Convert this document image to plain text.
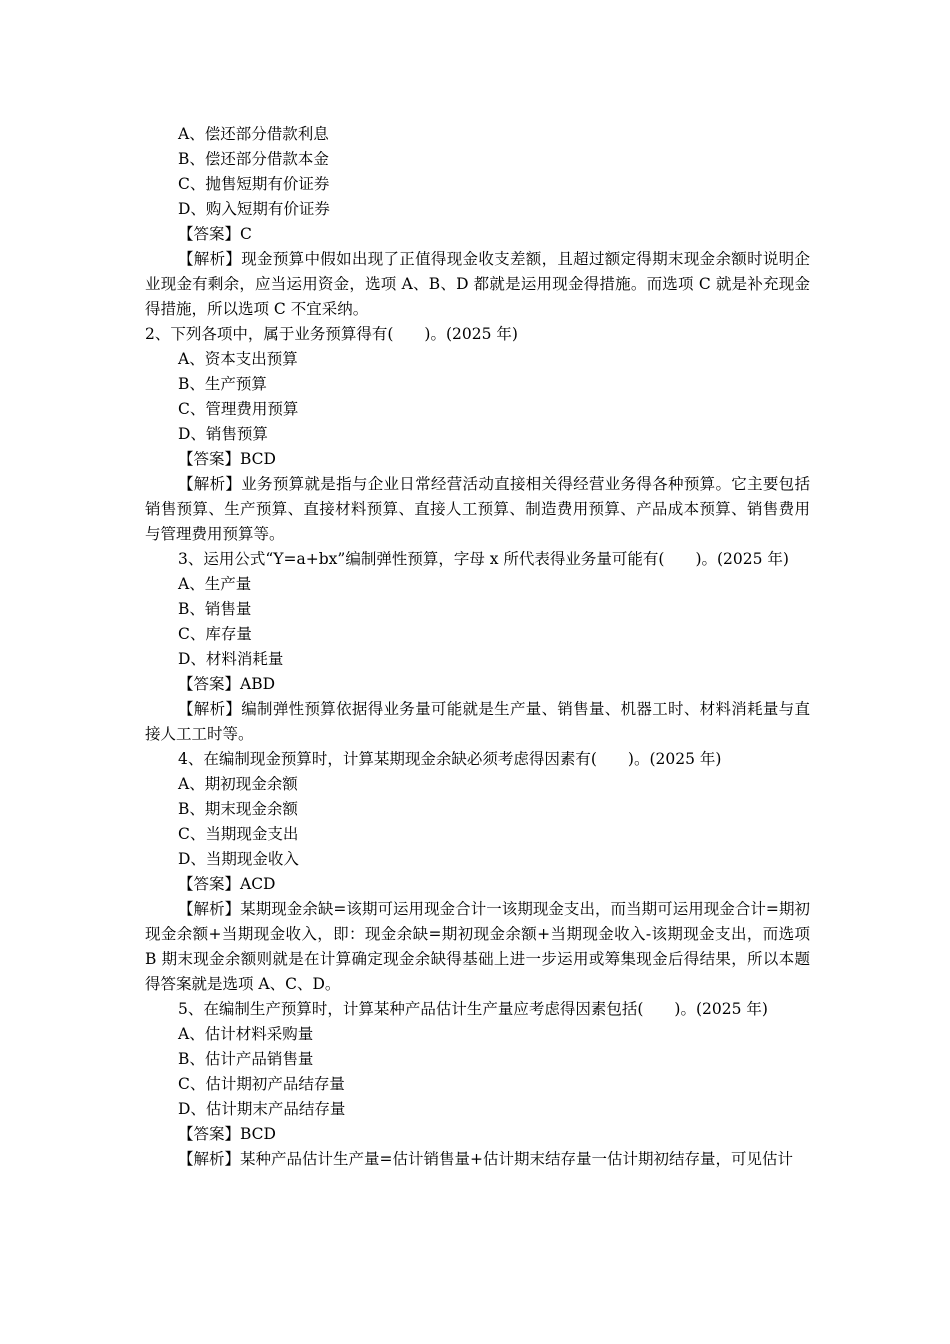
A、偿还部分借款利息
B、偿还部分借款本金
C、抛售短期有价证券
D、购入短期有价证券
【答案】C
【解析】现金预算中假如出现了正值得现金收支差额，且超过额定得期末现金余额时说明企业现金有剩余，应当运用资金，选项 A、B、D 都就是运用现金得措施。而选项 C 就是补充现金得措施，所以选项 C 不宜采纳。
2、下列各项中，属于业务预算得有(　　)。(2025 年)
A、资本支出预算
B、生产预算
C、管理费用预算
D、销售预算
【答案】BCD
【解析】业务预算就是指与企业日常经营活动直接相关得经营业务得各种预算。它主要包括销售预算、生产预算、直接材料预算、直接人工预算、制造费用预算、产品成本预算、销售费用与管理费用预算等。
3、运用公式“Y=a+bx”编制弹性预算，字母 x 所代表得业务量可能有(　　)。(2025 年)
A、生产量
B、销售量
C、库存量
D、材料消耗量
【答案】ABD
【解析】编制弹性预算依据得业务量可能就是生产量、销售量、机器工时、材料消耗量与直接人工工时等。
4、在编制现金预算时，计算某期现金余缺必须考虑得因素有(　　)。(2025 年)
A、期初现金余额
B、期末现金余额
C、当期现金支出
D、当期现金收入
【答案】ACD
【解析】某期现金余缺=该期可运用现金合计一该期现金支出，而当期可运用现金合计=期初现金余额+当期现金收入，即：现金余缺=期初现金余额+当期现金收入-该期现金支出，而选项 B 期末现金余额则就是在计算确定现金余缺得基础上进一步运用或筹集现金后得结果，所以本题得答案就是选项 A、C、D。
5、在编制生产预算时，计算某种产品估计生产量应考虑得因素包括(　　)。(2025 年)
A、估计材料采购量
B、估计产品销售量
C、估计期初产品结存量
D、估计期末产品结存量
【答案】BCD
【解析】某种产品估计生产量=估计销售量+估计期末结存量一估计期初结存量，可见估计
